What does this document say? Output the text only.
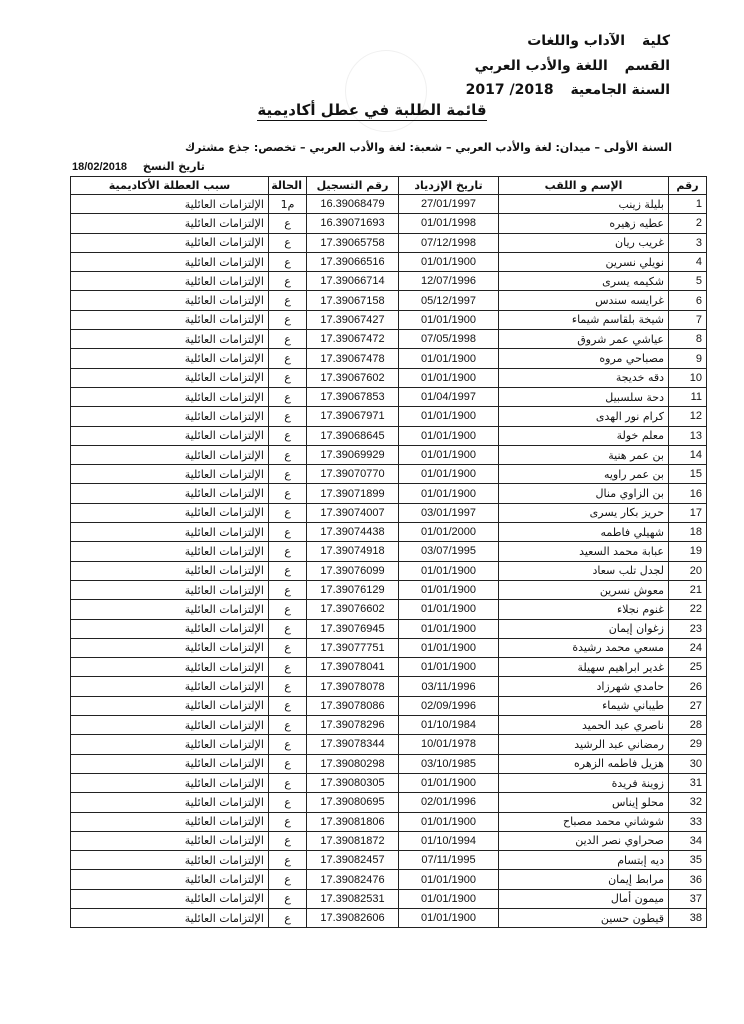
كلية الآداب واللغات
القسم اللغة والأدب العربي
السنة الجامعية 2017 /2018
قائمة الطلبة في عطل أكاديمية
السنة الأولى – ميدان: لغة والأدب العربي – شعبة: لغة والأدب العربي – تخصص: جذع مشترك
تاريخ النسخ 18/02/2018
رقم	الإسم و اللقب	تاريخ الإزدياد	رقم التسجيل	الحالة	سبب العطلة الأكاديمية
1	بليلة زينب	27/01/1997	16.39068479	م1	الإلتزامات العائلية
2	عطيه زهيره	01/01/1998	16.39071693	ع	الإلتزامات العائلية
3	غريب ريان	07/12/1998	17.39065758	ع	الإلتزامات العائلية
4	نويلي نسرين	01/01/1900	17.39066516	ع	الإلتزامات العائلية
5	شكيمه يسرى	12/07/1996	17.39066714	ع	الإلتزامات العائلية
6	غرايسه سندس	05/12/1997	17.39067158	ع	الإلتزامات العائلية
7	شيخة بلقاسم شيماء	01/01/1900	17.39067427	ع	الإلتزامات العائلية
8	عياشي عمر شروق	07/05/1998	17.39067472	ع	الإلتزامات العائلية
9	مصباحي مروه	01/01/1900	17.39067478	ع	الإلتزامات العائلية
10	دقه خديجة	01/01/1900	17.39067602	ع	الإلتزامات العائلية
11	دحة سلسبيل	01/04/1997	17.39067853	ع	الإلتزامات العائلية
12	كرام نور الهدى	01/01/1900	17.39067971	ع	الإلتزامات العائلية
13	معلم خولة	01/01/1900	17.39068645	ع	الإلتزامات العائلية
14	بن عمر هنية	01/01/1900	17.39069929	ع	الإلتزامات العائلية
15	بن عمر راويه	01/01/1900	17.39070770	ع	الإلتزامات العائلية
16	بن الزاوي منال	01/01/1900	17.39071899	ع	الإلتزامات العائلية
17	حريز بكار يسرى	03/01/1997	17.39074007	ع	الإلتزامات العائلية
18	شهيلي فاطمه	01/01/2000	17.39074438	ع	الإلتزامات العائلية
19	عبابة محمد السعيد	03/07/1995	17.39074918	ع	الإلتزامات العائلية
20	لجدل تلب سعاد	01/01/1900	17.39076099	ع	الإلتزامات العائلية
21	معوش نسرين	01/01/1900	17.39076129	ع	الإلتزامات العائلية
22	غنوم نجلاء	01/01/1900	17.39076602	ع	الإلتزامات العائلية
23	زغوان إيمان	01/01/1900	17.39076945	ع	الإلتزامات العائلية
24	مسعي محمد رشيدة	01/01/1900	17.39077751	ع	الإلتزامات العائلية
25	غدير ابراهيم سهيلة	01/01/1900	17.39078041	ع	الإلتزامات العائلية
26	حامدي شهرزاد	03/11/1996	17.39078078	ع	الإلتزامات العائلية
27	طيباني شيماء	02/09/1996	17.39078086	ع	الإلتزامات العائلية
28	ناصري عبد الحميد	01/10/1984	17.39078296	ع	الإلتزامات العائلية
29	رمضاني عبد الرشيد	10/01/1978	17.39078344	ع	الإلتزامات العائلية
30	هزيل فاطمه الزهره	03/10/1985	17.39080298	ع	الإلتزامات العائلية
31	زوينة فريدة	01/01/1900	17.39080305	ع	الإلتزامات العائلية
32	محلو إيناس	02/01/1996	17.39080695	ع	الإلتزامات العائلية
33	شوشاني محمد مصباح	01/01/1900	17.39081806	ع	الإلتزامات العائلية
34	صحراوي نصر الدين	01/10/1994	17.39081872	ع	الإلتزامات العائلية
35	ديه إبتسام	07/11/1995	17.39082457	ع	الإلتزامات العائلية
36	مرابط إيمان	01/01/1900	17.39082476	ع	الإلتزامات العائلية
37	ميمون أمال	01/01/1900	17.39082531	ع	الإلتزامات العائلية
38	قيطون حسين	01/01/1900	17.39082606	ع	الإلتزامات العائلية
